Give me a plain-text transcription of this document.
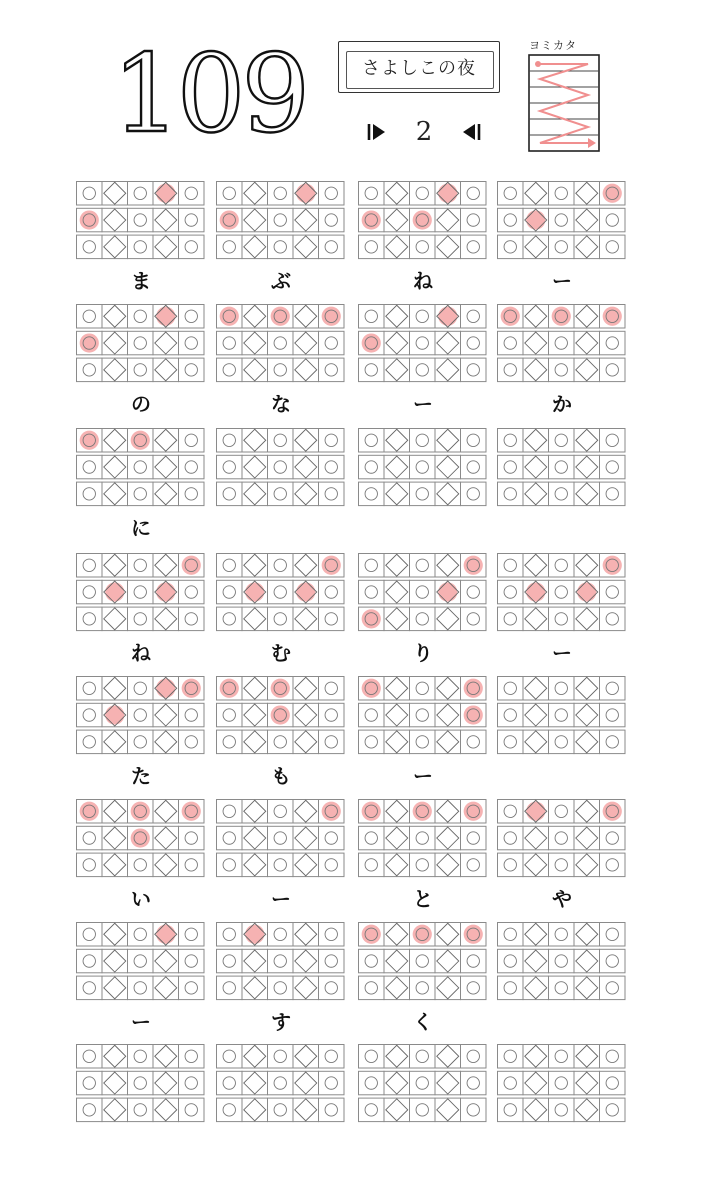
109	さよしこの夜
2
ヨミカタ
ま	ぶ	ね	ー
の	な	ー	か
に
ね	む	り	ー
た	も	ー
い	ー	と	や
ー	す	く
